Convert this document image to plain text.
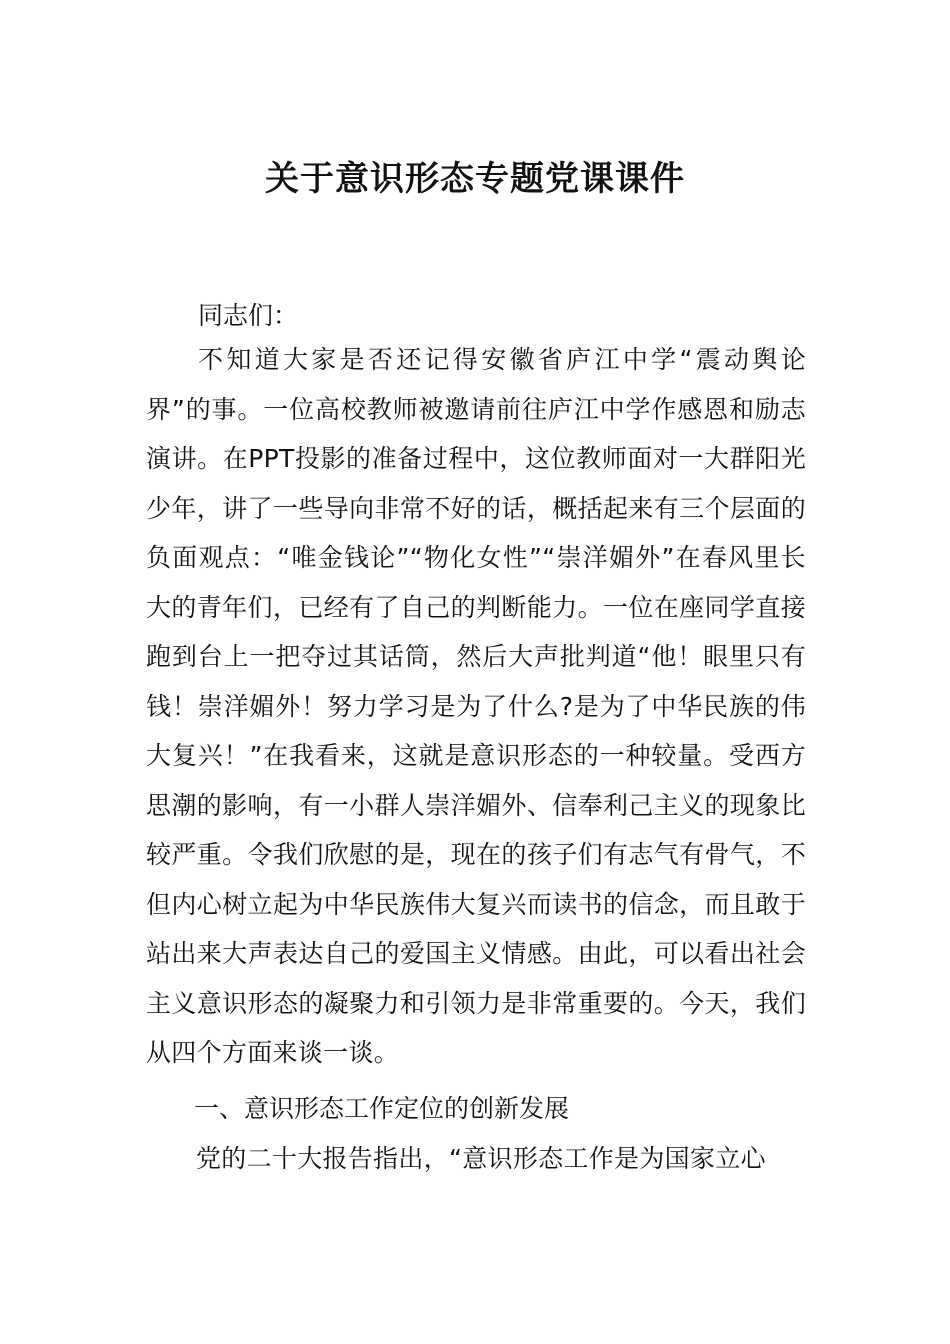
关于意识形态专题党课课件

同志们：

不知道大家是否还记得安徽省庐江中学“震动舆论界”的事。一位高校教师被邀请前往庐江中学作感恩和励志演讲。在PPT投影的准备过程中，这位教师面对一大群阳光少年，讲了一些导向非常不好的话，概括起来有三个层面的负面观点：“唯金钱论”“物化女性”“崇洋媚外”在春风里长大的青年们，已经有了自己的判断能力。一位在座同学直接跑到台上一把夺过其话筒，然后大声批判道“他！眼里只有钱！崇洋媚外！努力学习是为了什么?是为了中华民族的伟大复兴！”在我看来，这就是意识形态的一种较量。受西方思潮的影响，有一小群人崇洋媚外、信奉利己主义的现象比较严重。令我们欣慰的是，现在的孩子们有志气有骨气，不但内心树立起为中华民族伟大复兴而读书的信念，而且敢于站出来大声表达自己的爱国主义情感。由此，可以看出社会主义意识形态的凝聚力和引领力是非常重要的。今天，我们从四个方面来谈一谈。

一、意识形态工作定位的创新发展

党的二十大报告指出，“意识形态工作是为国家立心
